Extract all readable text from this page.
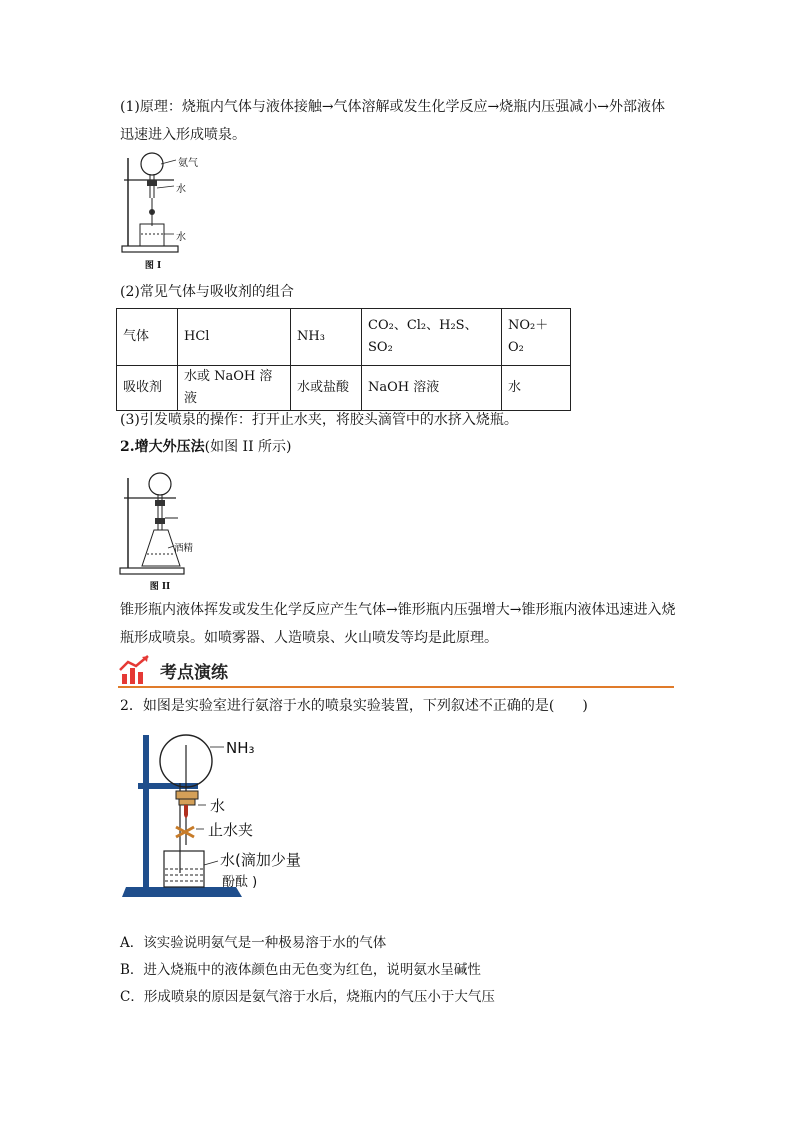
(1)原理：烧瓶内气体与液体接触→气体溶解或发生化学反应→烧瓶内压强减小→外部液体

迅速进入形成喷泉。

氨气
水
水
图 I

(2)常见气体与吸收剂的组合

气体	HCl	NH₃	CO₂、Cl₂、H₂S、SO₂	NO₂＋O₂
吸收剂	水或 NaOH 溶液	水或盐酸	NaOH 溶液	水

(3)引发喷泉的操作：打开止水夹，将胶头滴管中的水挤入烧瓶。

2.增大外压法(如图 II 所示)

酒精
图 II

锥形瓶内液体挥发或发生化学反应产生气体→锥形瓶内压强增大→锥形瓶内液体迅速进入烧

瓶形成喷泉。如喷雾器、人造喷泉、火山喷发等均是此原理。

考点演练

2．如图是实验室进行氨溶于水的喷泉实验装置，下列叙述不正确的是(　　)

NH₃
水
止水夹
水(滴加少量
酚酞 )
A．该实验说明氨气是一种极易溶于水的气体
B．进入烧瓶中的液体颜色由无色变为红色，说明氨水呈碱性
C．形成喷泉的原因是氨气溶于水后，烧瓶内的气压小于大气压
